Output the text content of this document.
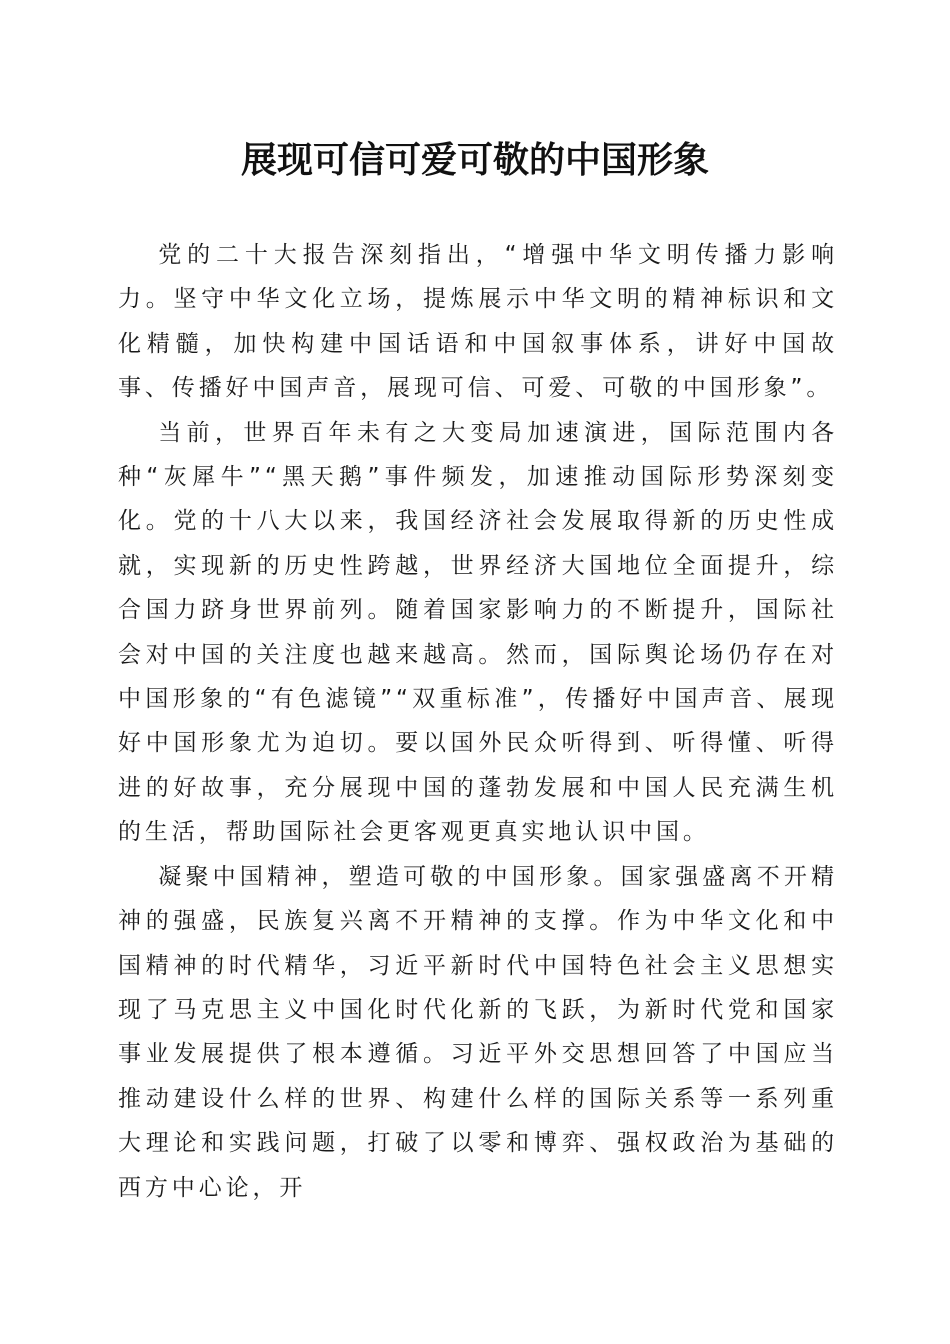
展现可信可爱可敬的中国形象

党的二十大报告深刻指出，“增强中华文明传播力影响力。坚守中华文化立场，提炼展示中华文明的精神标识和文化精髓，加快构建中国话语和中国叙事体系，讲好中国故事、传播好中国声音，展现可信、可爱、可敬的中国形象”。

当前，世界百年未有之大变局加速演进，国际范围内各种“灰犀牛”“黑天鹅”事件频发，加速推动国际形势深刻变化。党的十八大以来，我国经济社会发展取得新的历史性成就，实现新的历史性跨越，世界经济大国地位全面提升，综合国力跻身世界前列。随着国家影响力的不断提升，国际社会对中国的关注度也越来越高。然而，国际舆论场仍存在对中国形象的“有色滤镜”“双重标准”，传播好中国声音、展现好中国形象尤为迫切。要以国外民众听得到、听得懂、听得进的好故事，充分展现中国的蓬勃发展和中国人民充满生机的生活，帮助国际社会更客观更真实地认识中国。

凝聚中国精神，塑造可敬的中国形象。国家强盛离不开精神的强盛，民族复兴离不开精神的支撑。作为中华文化和中国精神的时代精华，习近平新时代中国特色社会主义思想实现了马克思主义中国化时代化新的飞跃，为新时代党和国家事业发展提供了根本遵循。习近平外交思想回答了中国应当推动建设什么样的世界、构建什么样的国际关系等一系列重大理论和实践问题，打破了以零和博弈、强权政治为基础的西方中心论，开
